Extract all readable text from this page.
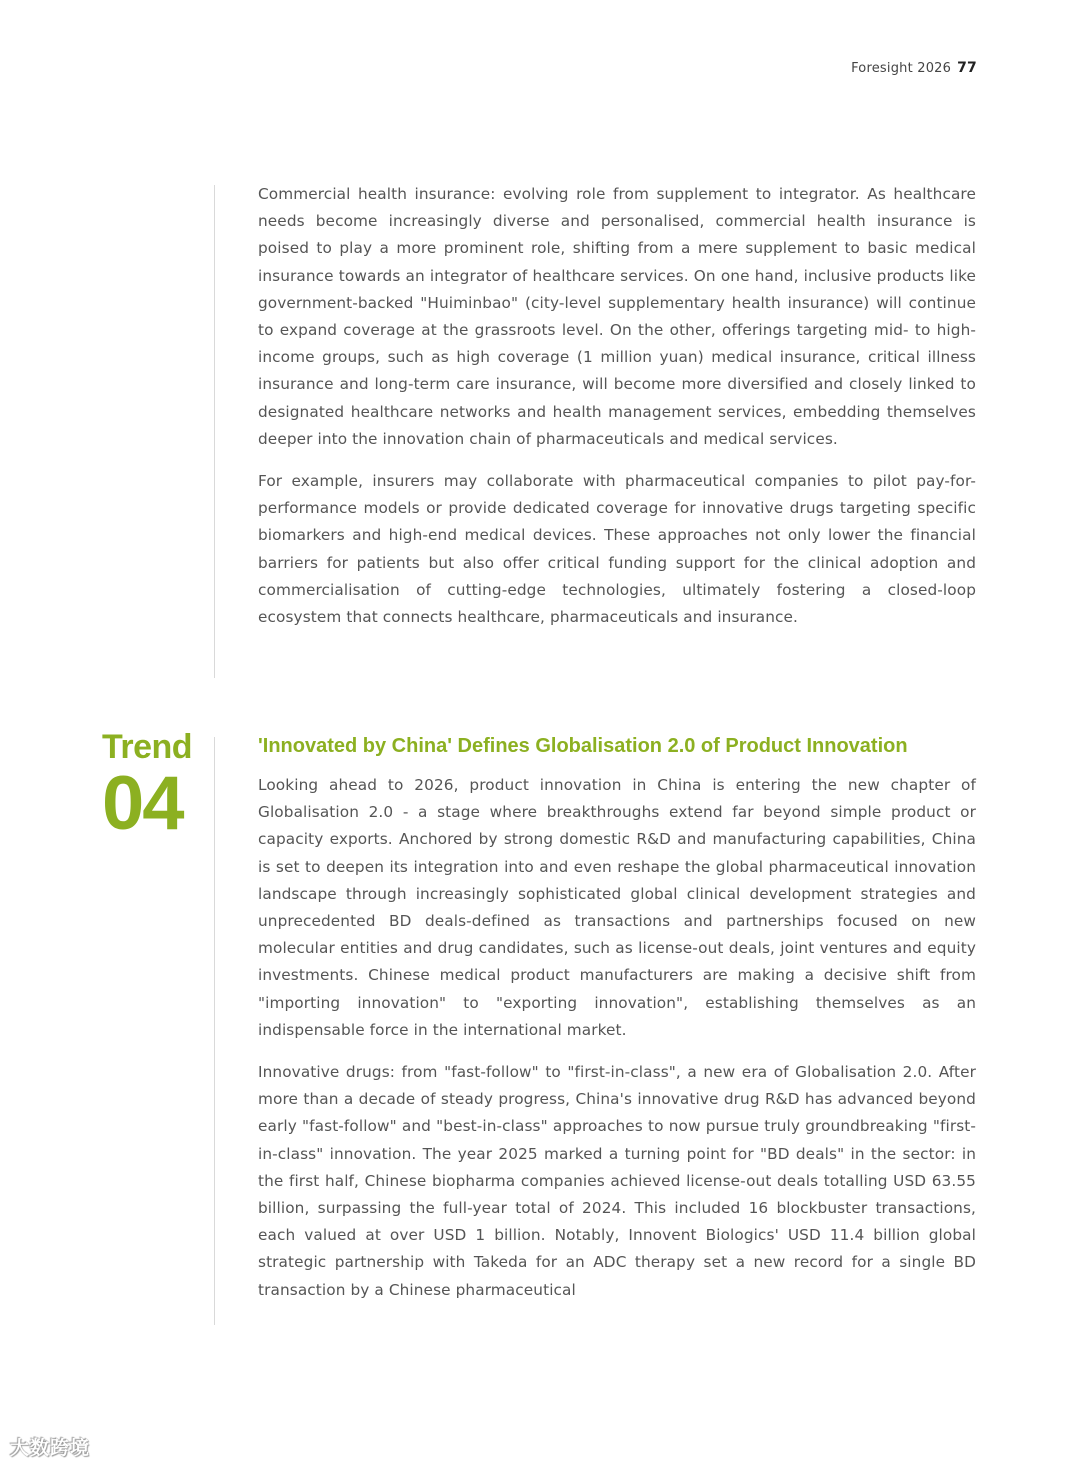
Foresight 2026 77

Commercial health insurance: evolving role from supplement to integrator. As healthcare needs become increasingly diverse and personalised, commercial health insurance is poised to play a more prominent role, shifting from a mere supplement to basic medical insurance towards an integrator of healthcare services. On one hand, inclusive products like government-backed "Huiminbao" (city-level supplementary health insurance) will continue to expand coverage at the grassroots level. On the other, offerings targeting mid- to high- income groups, such as high coverage (1 million yuan) medical insurance, critical illness insurance and long-term care insurance, will become more diversified and closely linked to designated healthcare networks and health management services, embedding themselves deeper into the innovation chain of pharmaceuticals and medical services.

For example, insurers may collaborate with pharmaceutical companies to pilot pay-for-performance models or provide dedicated coverage for innovative drugs targeting specific biomarkers and high-end medical devices. These approaches not only lower the financial barriers for patients but also offer critical funding support for the clinical adoption and commercialisation of cutting-edge technologies, ultimately fostering a closed-loop ecosystem that connects healthcare, pharmaceuticals and insurance.

Trend
04
'Innovated by China' Defines Globalisation 2.0 of Product Innovation

Looking ahead to 2026, product innovation in China is entering the new chapter of Globalisation 2.0 - a stage where breakthroughs extend far beyond simple product or capacity exports. Anchored by strong domestic R&D and manufacturing capabilities, China is set to deepen its integration into and even reshape the global pharmaceutical innovation landscape through increasingly sophisticated global clinical development strategies and unprecedented BD deals-defined as transactions and partnerships focused on new molecular entities and drug candidates, such as license-out deals, joint ventures and equity investments. Chinese medical product manufacturers are making a decisive shift from "importing innovation" to "exporting innovation", establishing themselves as an indispensable force in the international market.

Innovative drugs: from "fast-follow" to "first-in-class", a new era of Globalisation 2.0. After more than a decade of steady progress, China's innovative drug R&D has advanced beyond early "fast-follow" and "best-in-class" approaches to now pursue truly groundbreaking "first-in-class" innovation. The year 2025 marked a turning point for "BD deals" in the sector: in the first half, Chinese biopharma companies achieved license-out deals totalling USD 63.55 billion, surpassing the full-year total of 2024. This included 16 blockbuster transactions, each valued at over USD 1 billion. Notably, Innovent Biologics' USD 11.4 billion global strategic partnership with Takeda for an ADC therapy set a new record for a single BD transaction by a Chinese pharmaceutical

大数跨境
